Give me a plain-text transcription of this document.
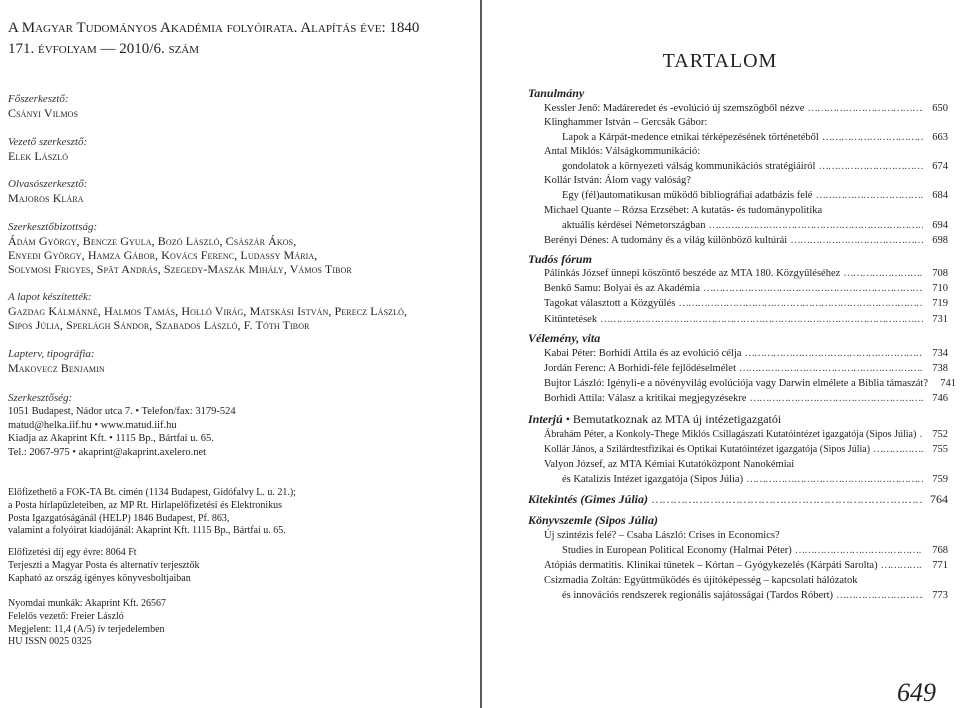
A Magyar Tudományos Akadémia folyóirata. Alapítás éve: 1840
171. évfolyam — 2010/6. szám
Főszerkesztő:
Csányi Vilmos
Vezető szerkesztő:
Elek László
Olvasószerkesztő:
Majoros Klára
Szerkesztőbizottság:
Ádám György, Bencze Gyula, Bozó László, Császár Ákos,
Enyedi György, Hamza Gábor, Kovács Ferenc, Ludassy Mária,
Solymosi Frigyes, Spät András, Szegedy-Maszák Mihály, Vámos Tibor
A lapot készítették:
Gazdag Kálmánné, Halmos Tamás, Holló Virág, Matskási István, Perecz László,
Sipos Júlia, Sperlágh Sándor, Szabados László, F. Tóth Tibor
Lapterv, tipográfia:
Makovecz Benjamin
Szerkesztőség:
1051 Budapest, Nádor utca 7. • Telefon/fax: 3179-524
matud@helka.iif.hu • www.matud.iif.hu
Kiadja az Akaprint Kft. • 1115 Bp., Bártfai u. 65.
Tel.: 2067-975 • akaprint@akaprint.axelero.net
Előfizethető a FOK-TA Bt. címén (1134 Budapest, Gidófalvy L. u. 21.);
a Posta hírlapüzleteiben, az MP Rt. Hírlapelőfizetési és Elektronikus
Posta Igazgatóságánál (HELP) 1846 Budapest, Pf. 863,
valamint a folyóirat kiadójánál: Akaprint Kft. 1115 Bp., Bártfai u. 65.
Előfizetési díj egy évre: 8064 Ft
Terjeszti a Magyar Posta és alternatív terjesztők
Kapható az ország igényes könyvesboltjaiban
Nyomdai munkák: Akaprint Kft. 26567
Felelős vezető: Freier László
Megjelent: 11,4 (A/5) ív terjedelemben
HU ISSN 0025 0325
TARTALOM
Tanulmány
Kessler Jenő: Madáreredet és -evolúció új szemszögből nézve ……………………………………………………………………………………………………………………………………………………	650
Klinghammer István – Gercsák Gábor:
Lapok a Kárpát-medence etnikai térképezésének történetéből ……………………………………………………………………………………………………………………………………………………	663
Antal Miklós: Válságkommunikáció:
gondolatok a környezeti válság kommunikációs stratégiáiról ……………………………………………………………………………………………………………………………………………………	674
Kollár István: Álom vagy valóság?
Egy (fél)automatikusan működő bibliográfiai adatbázis felé ……………………………………………………………………………………………………………………………………………………	684
Michael Quante – Rózsa Erzsébet: A kutatás- és tudománypolitika
aktuális kérdései Németországban ……………………………………………………………………………………………………………………………………………………	694
Berényi Dénes: A tudomány és a világ különböző kultúrái ……………………………………………………………………………………………………………………………………………………	698
Tudós fórum
Pálinkás József ünnepi köszöntő beszéde az MTA 180. Közgyűléséhez ……………………………………………………………………………………………………………………………………………………	708
Benkő Samu: Bolyai és az Akadémia ……………………………………………………………………………………………………………………………………………………	710
Tagokat választott a Közgyűlés ……………………………………………………………………………………………………………………………………………………	719
Kitüntetések ……………………………………………………………………………………………………………………………………………………	731
Vélemény, vita
Kabai Péter: Borhidi Attila és az evolúció célja ……………………………………………………………………………………………………………………………………………………	734
Jordán Ferenc: A Borhidi-féle fejlődéselmélet ……………………………………………………………………………………………………………………………………………………	738
Bujtor László: Igényli-e a növényvilág evolúciója vagy Darwin elmélete a Biblia támaszát?	741
Borhidi Attila: Válasz a kritikai megjegyzésekre ……………………………………………………………………………………………………………………………………………………	746
Interjú • Bemutatkoznak az MTA új intézetigazgatói
Ábrahám Péter, a Konkoly-Thege Miklós Csillagászati Kutatóintézet igazgatója (Sipos Júlia) ……………………………………………………………………………………………………………………………………………………	752
Kollár János, a Szilárdtestfizikai és Optikai Kutatóintézet igazgatója (Sipos Júlia) ……………………………………………………………………………………………………………………………………………………	755
Valyon József, az MTA Kémiai Kutatóközpont Nanokémiai
és Katalízis Intézet igazgatója (Sipos Júlia) ……………………………………………………………………………………………………………………………………………………	759
Kitekintés (Gimes Júlia) ……………………………………………………………………………………………………………………………………………………	764
Könyvszemle (Sipos Júlia)
Új szintézis felé? – Csaba László: Crises in Economics?
Studies in European Political Economy (Halmai Péter) ……………………………………………………………………………………………………………………………………………………	768
Atópiás dermatitis. Klinikai tünetek – Kórtan – Gyógykezelés (Kárpáti Sarolta) ……………………………………………………………………………………………………………………………………………………	771
Csizmadia Zoltán: Együttműködés és újítóképesség – kapcsolati hálózatok
és innovációs rendszerek regionális sajátosságai (Tardos Róbert) ……………………………………………………………………………………………………………………………………………………	773
649
